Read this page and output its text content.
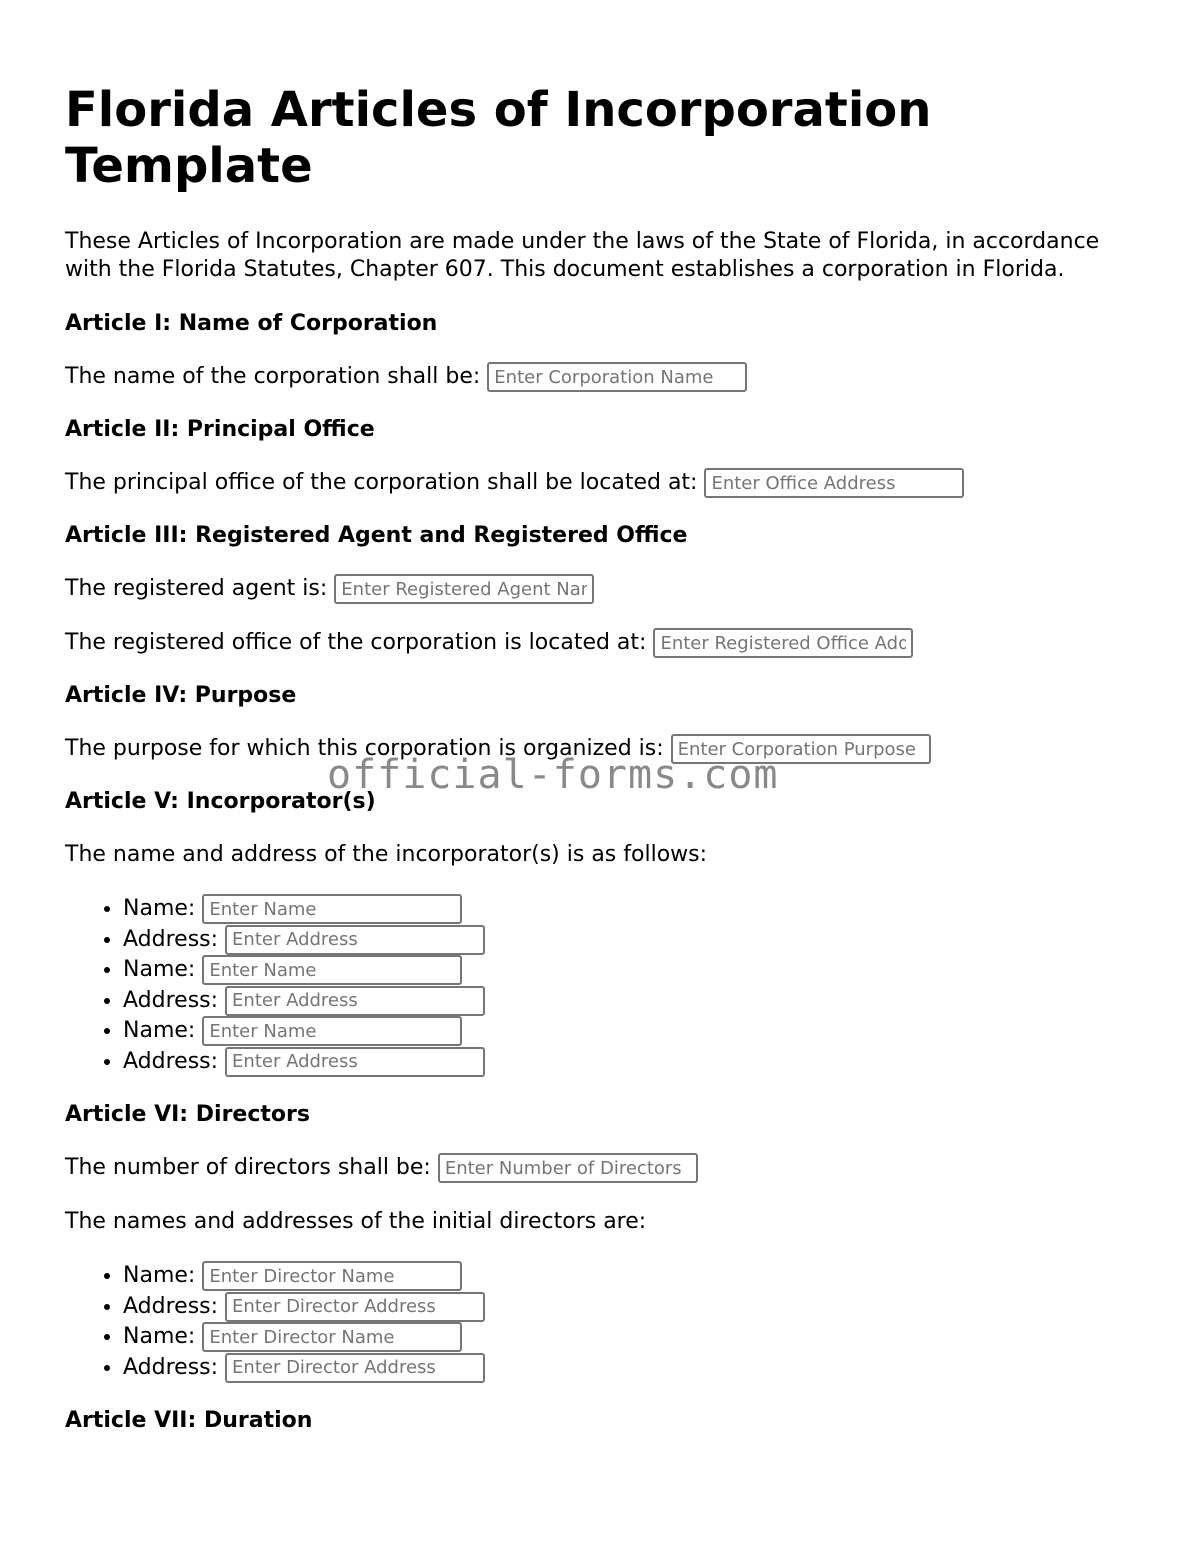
Florida Articles of Incorporation Template

These Articles of Incorporation are made under the laws of the State of Florida, in accordance with the Florida Statutes, Chapter 607. This document establishes a corporation in Florida.

Article I: Name of Corporation

The name of the corporation shall be: Enter Corporation Name

Article II: Principal Office

The principal office of the corporation shall be located at: Enter Office Address

Article III: Registered Agent and Registered Office

The registered agent is: Enter Registered Agent Name

The registered office of the corporation is located at: Enter Registered Office Address

Article IV: Purpose

The purpose for which this corporation is organized is: Enter Corporation Purpose

Article V: Incorporator(s)

The name and address of the incorporator(s) is as follows:

• Name: Enter Name
• Address: Enter Address
• Name: Enter Name
• Address: Enter Address
• Name: Enter Name
• Address: Enter Address
Article VI: Directors

The number of directors shall be: Enter Number of Directors

The names and addresses of the initial directors are:

• Name: Enter Director Name
• Address: Enter Director Address
• Name: Enter Director Name
• Address: Enter Director Address
Article VII: Duration
official-forms.com
